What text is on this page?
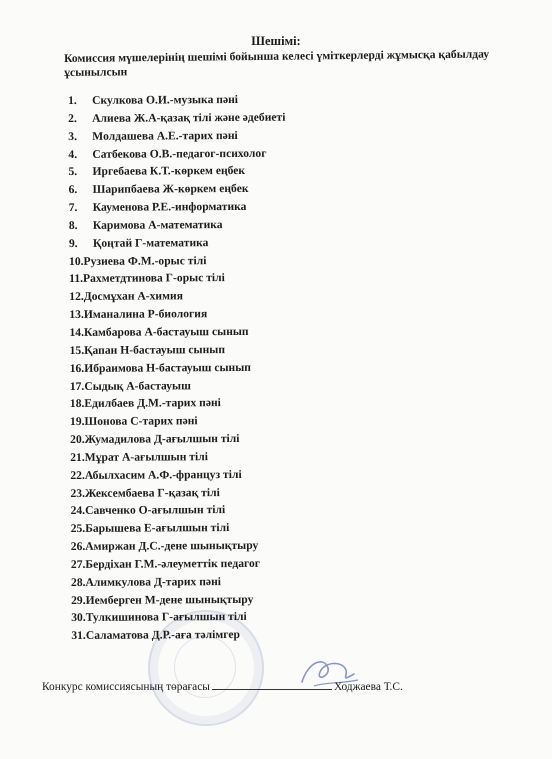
Шешімі:
Комиссия мүшелерінің шешімі бойынша келесі үміткерлерді жұмысқа қабылдау ұсынылсын
1. Скулкова О.И.-музыка пәні
2. Алиева Ж.А-қазақ тілі және әдебиеті
3. Молдашева А.Е.-тарих пәні
4. Сатбекова О.В.-педагог-психолог
5. Иргебаева К.Т.-көркем еңбек
6. Шарипбаева Ж-көркем еңбек
7. Кауменова Р.Е.-информатика
8. Каримова А-математика
9. Қоңтай Г-математика
10.Рузиева Ф.М.-орыс тілі
11.Рахметдтинова Г-орыс тілі
12.Досмұхан А-химия
13.Иманалина Р-биология
14.Камбарова А-бастауыш сынып
15.Қапан Н-бастауыш сынып
16.Ибраимова Н-бастауыш сынып
17.Сыдық А-бастауыш
18.Едилбаев Д.М.-тарих пәні
19.Шонова С-тарих пәні
20.Жумадилова Д-ағылшын тілі
21.Мұрат А-ағылшын тілі
22.Абылхасим А.Ф.-француз тілі
23.Жексембаева Г-қазақ тілі
24.Савченко О-ағылшын тілі
25.Барышева Е-ағылшын тілі
26.Амиржан Д.С.-дене шынықтыру
27.Бердіхан Г.М.-әлеуметтік педагог
28.Алимкулова Д-тарих пәні
29.Иемберген М-дене шынықтыру
30.Тулкишинова Г-ағылшын тілі
31.Саламатова Д.Р.-аға тәлімгер
Конкурс комиссиясының төрағасы	Ходжаева Т.С.
